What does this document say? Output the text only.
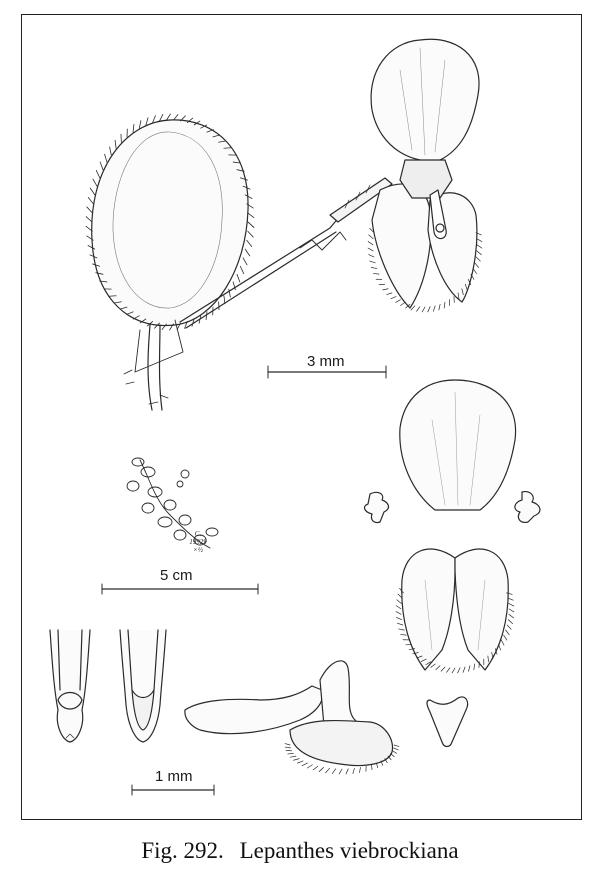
3 mm
5 cm
1 mm
C.
19929
×½
Fig. 292. Lepanthes viebrockiana
